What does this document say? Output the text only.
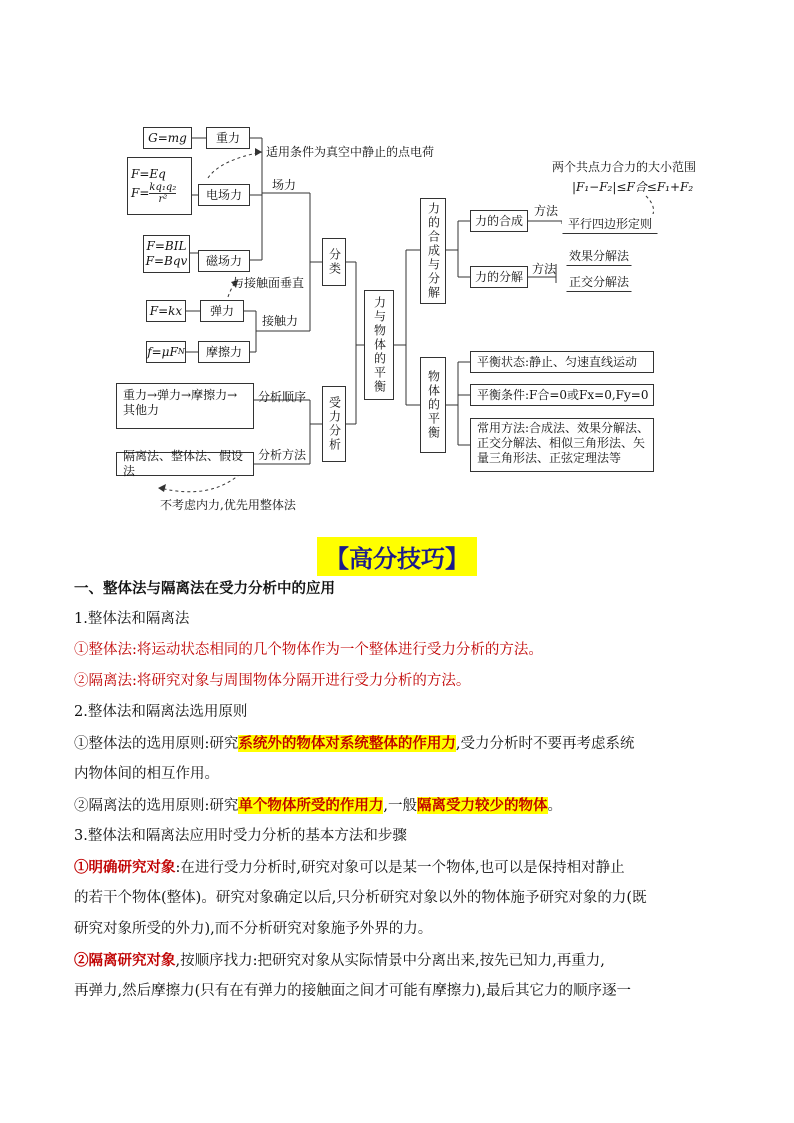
G=mg
F=Eq
$F= \frac{\text{kq₁q₂}}{\text{r²}}$
F=BIL
F=Bqv
F=kx
f=μF N
重力
电场力
磁场力
弹力
摩擦力
适用条件为真空中静止的点电荷
场力
与接触面垂直
接触力
分析顺序
分析方法
不考虑内力,优先用整体法
两个共点力合力的大小范围
|F₁−F₂|≤F合≤F₁+F₂
方法
方法
重力→弹力→摩擦力→其他力
隔离法、整体法、假设法
分类
受力分析
力与物体的平衡
力的合成与分解
物体的平衡
力的合成
力的分解
平行四边形定则
效果分解法
正交分解法
平衡状态:静止、匀速直线运动
平衡条件:F合=0或Fx=0,Fy=0
常用方法:合成法、效果分解法、正交分解法、相似三角形法、矢量三角形法、正弦定理法等
【高分技巧】
一、整体法与隔离法在受力分析中的应用
1.整体法和隔离法
①整体法:将运动状态相同的几个物体作为一个整体进行受力分析的方法。
②隔离法:将研究对象与周围物体分隔开进行受力分析的方法。
2.整体法和隔离法选用原则
①整体法的选用原则:研究系统外的物体对系统整体的作用力,受力分析时不要再考虑系统
内物体间的相互作用。
②隔离法的选用原则:研究单个物体所受的作用力,一般隔离受力较少的物体。
3.整体法和隔离法应用时受力分析的基本方法和步骤
①明确研究对象:在进行受力分析时,研究对象可以是某一个物体,也可以是保持相对静止
的若干个物体(整体)。研究对象确定以后,只分析研究对象以外的物体施予研究对象的力(既
研究对象所受的外力),而不分析研究对象施予外界的力。
②隔离研究对象,按顺序找力:把研究对象从实际情景中分离出来,按先已知力,再重力,
再弹力,然后摩擦力(只有在有弹力的接触面之间才可能有摩擦力),最后其它力的顺序逐一
